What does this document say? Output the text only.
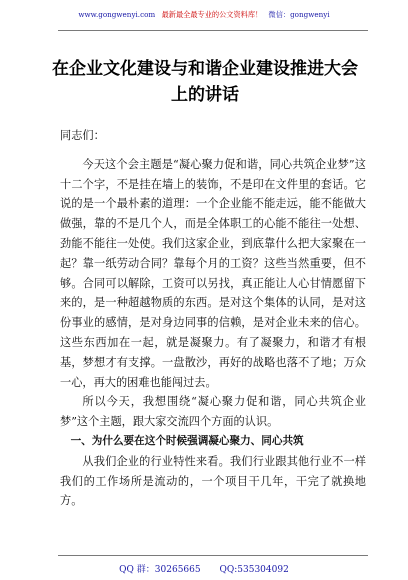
www.gongwenyi.com 最新最全最专业的公文资料库！ 微信：gongwenyi
在企业文化建设与和谐企业建设推进大会
上的讲话

同志们：

今天这个会主题是“凝心聚力促和谐，同心共筑企业梦”这十二个字，不是挂在墙上的装饰，不是印在文件里的套话。它说的是一个最朴素的道理：一个企业能不能走远，能不能做大做强，靠的不是几个人，而是全体职工的心能不能往一处想、劲能不能往一处使。我们这家企业，到底靠什么把大家聚在一起？靠一纸劳动合同？靠每个月的工资？这些当然重要，但不够。合同可以解除，工资可以另找，真正能让人心甘情愿留下来的，是一种超越物质的东西。是对这个集体的认同，是对这份事业的感情，是对身边同事的信赖，是对企业未来的信心。这些东西加在一起，就是凝聚力。有了凝聚力，和谐才有根基，梦想才有支撑。一盘散沙，再好的战略也落不了地；万众一心，再大的困难也能闯过去。

所以今天，我想围绕“凝心聚力促和谐，同心共筑企业梦”这个主题，跟大家交流四个方面的认识。

一、为什么要在这个时候强调凝心聚力、同心共筑

从我们企业的行业特性来看。我们行业跟其他行业不一样我们的工作场所是流动的，一个项目干几年，干完了就换地方。

QQ 群：30265665 QQ:535304092
